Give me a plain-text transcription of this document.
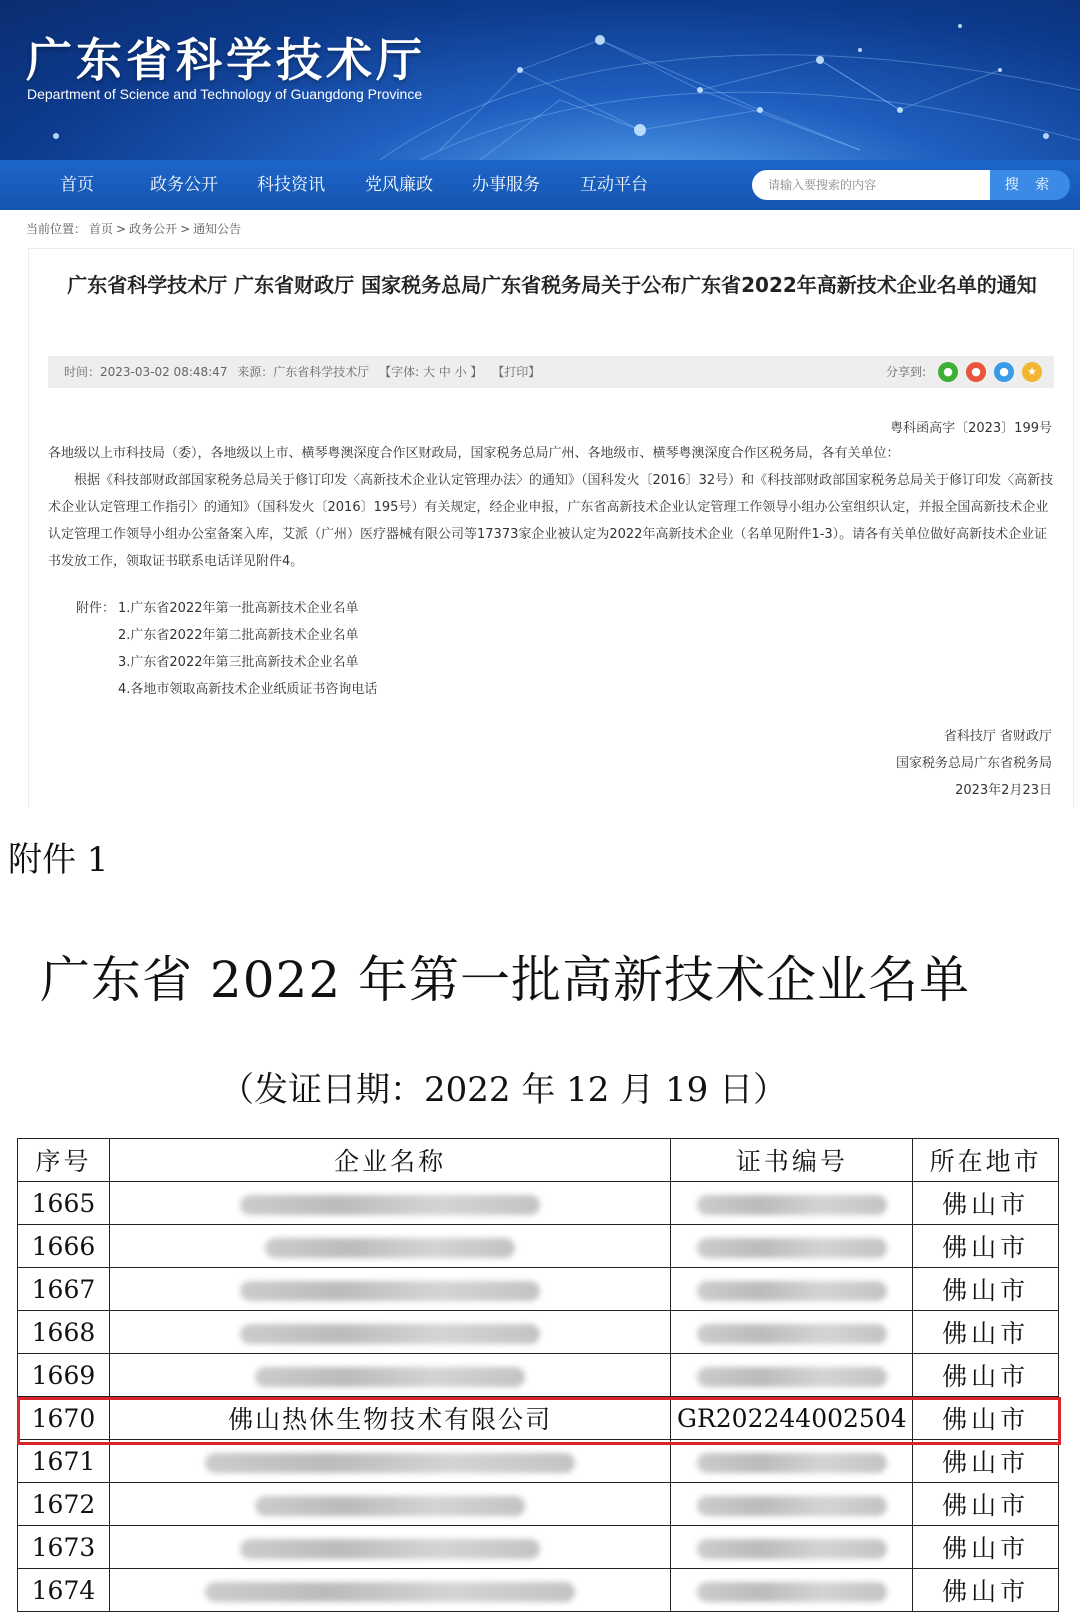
广东省科学技术厅
Department of Science and Technology of Guangdong Province
首页	政务公开 科技资讯 党风廉政 办事服务 互动平台	请输入要搜索的内容	搜 索
当前位置： 首页 > 政务公开 > 通知公告
广东省科学技术厅 广东省财政厅 国家税务总局广东省税务局关于公布广东省2022年高新技术企业名单的通知
时间：2023-03-02 08:48:47 来源：广东省科学技术厅 【字体: 大 中 小 】 【打印】	分享到:	●	●	●	★
粤科函高字〔2023〕199号
各地级以上市科技局（委），各地级以上市、横琴粤澳深度合作区财政局，国家税务总局广州、各地级市、横琴粤澳深度合作区税务局，各有关单位：
根据《科技部财政部国家税务总局关于修订印发〈高新技术企业认定管理办法〉的通知》（国科发火〔2016〕32号）和《科技部财政部国家税务总局关于修订印发〈高新技术企业认定管理工作指引〉的通知》（国科发火〔2016〕195号）有关规定，经企业申报，广东省高新技术企业认定管理工作领导小组办公室组织认定，并报全国高新技术企业认定管理工作领导小组办公室备案入库，艾派（广州）医疗器械有限公司等17373家企业被认定为2022年高新技术企业（名单见附件1-3）。请各有关单位做好高新技术企业证书发放工作，领取证书联系电话详见附件4。
附件： 1.广东省2022年第一批高新技术企业名单
2.广东省2022年第二批高新技术企业名单
3.广东省2022年第三批高新技术企业名单
4.各地市领取高新技术企业纸质证书咨询电话
省科技厅 省财政厅
国家税务总局广东省税务局
2023年2月23日
附件 1
广东省 2022 年第一批高新技术企业名单
（发证日期：2022 年 12 月 19 日）
序号	企业名称	证书编号	所在地市
1665			佛山市
1666			佛山市
1667			佛山市
1668			佛山市
1669			佛山市
1670	佛山热休生物技术有限公司	GR202244002504	佛山市
1671			佛山市
1672			佛山市
1673			佛山市
1674			佛山市
